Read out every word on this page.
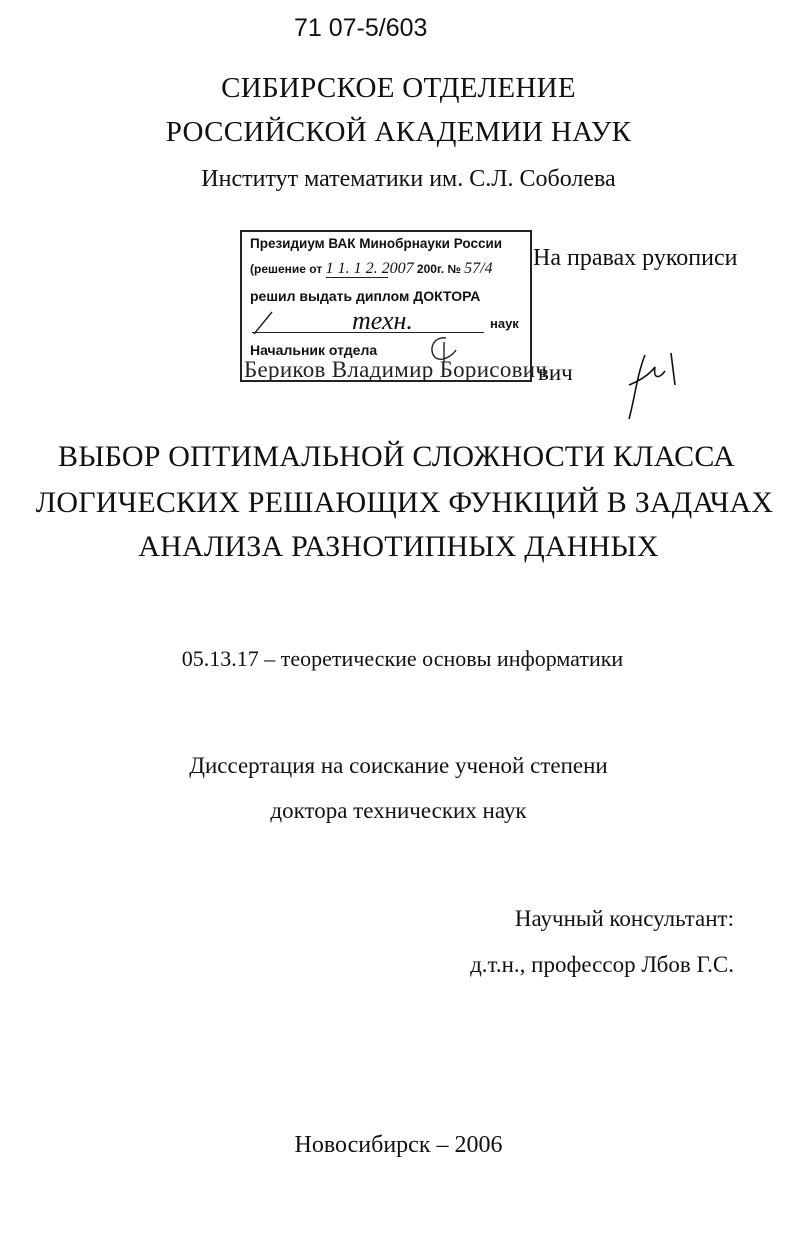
71 07-5/603
СИБИРСКОЕ ОТДЕЛЕНИЕ
РОССИЙСКОЙ АКАДЕМИИ НАУК
Институт математики им. С.Л. Соболева
Президиум ВАК Минобрнауки России
(решение от 1 1. 1 2. 2007 200г. № 57/4
решил выдать диплом ДОКТОРА
техн.	наук
Начальник отдела
На правах рукописи
Бериков Владимир Борисович
вич
ВЫБОР ОПТИМАЛЬНОЙ СЛОЖНОСТИ КЛАССА
ЛОГИЧЕСКИХ РЕШАЮЩИХ ФУНКЦИЙ В ЗАДАЧАХ
АНАЛИЗА РАЗНОТИПНЫХ ДАННЫХ
05.13.17 – теоретические основы информатики
Диссертация на соискание ученой степени
доктора технических наук
Научный консультант:
д.т.н., профессор Лбов Г.С.
Новосибирск – 2006
